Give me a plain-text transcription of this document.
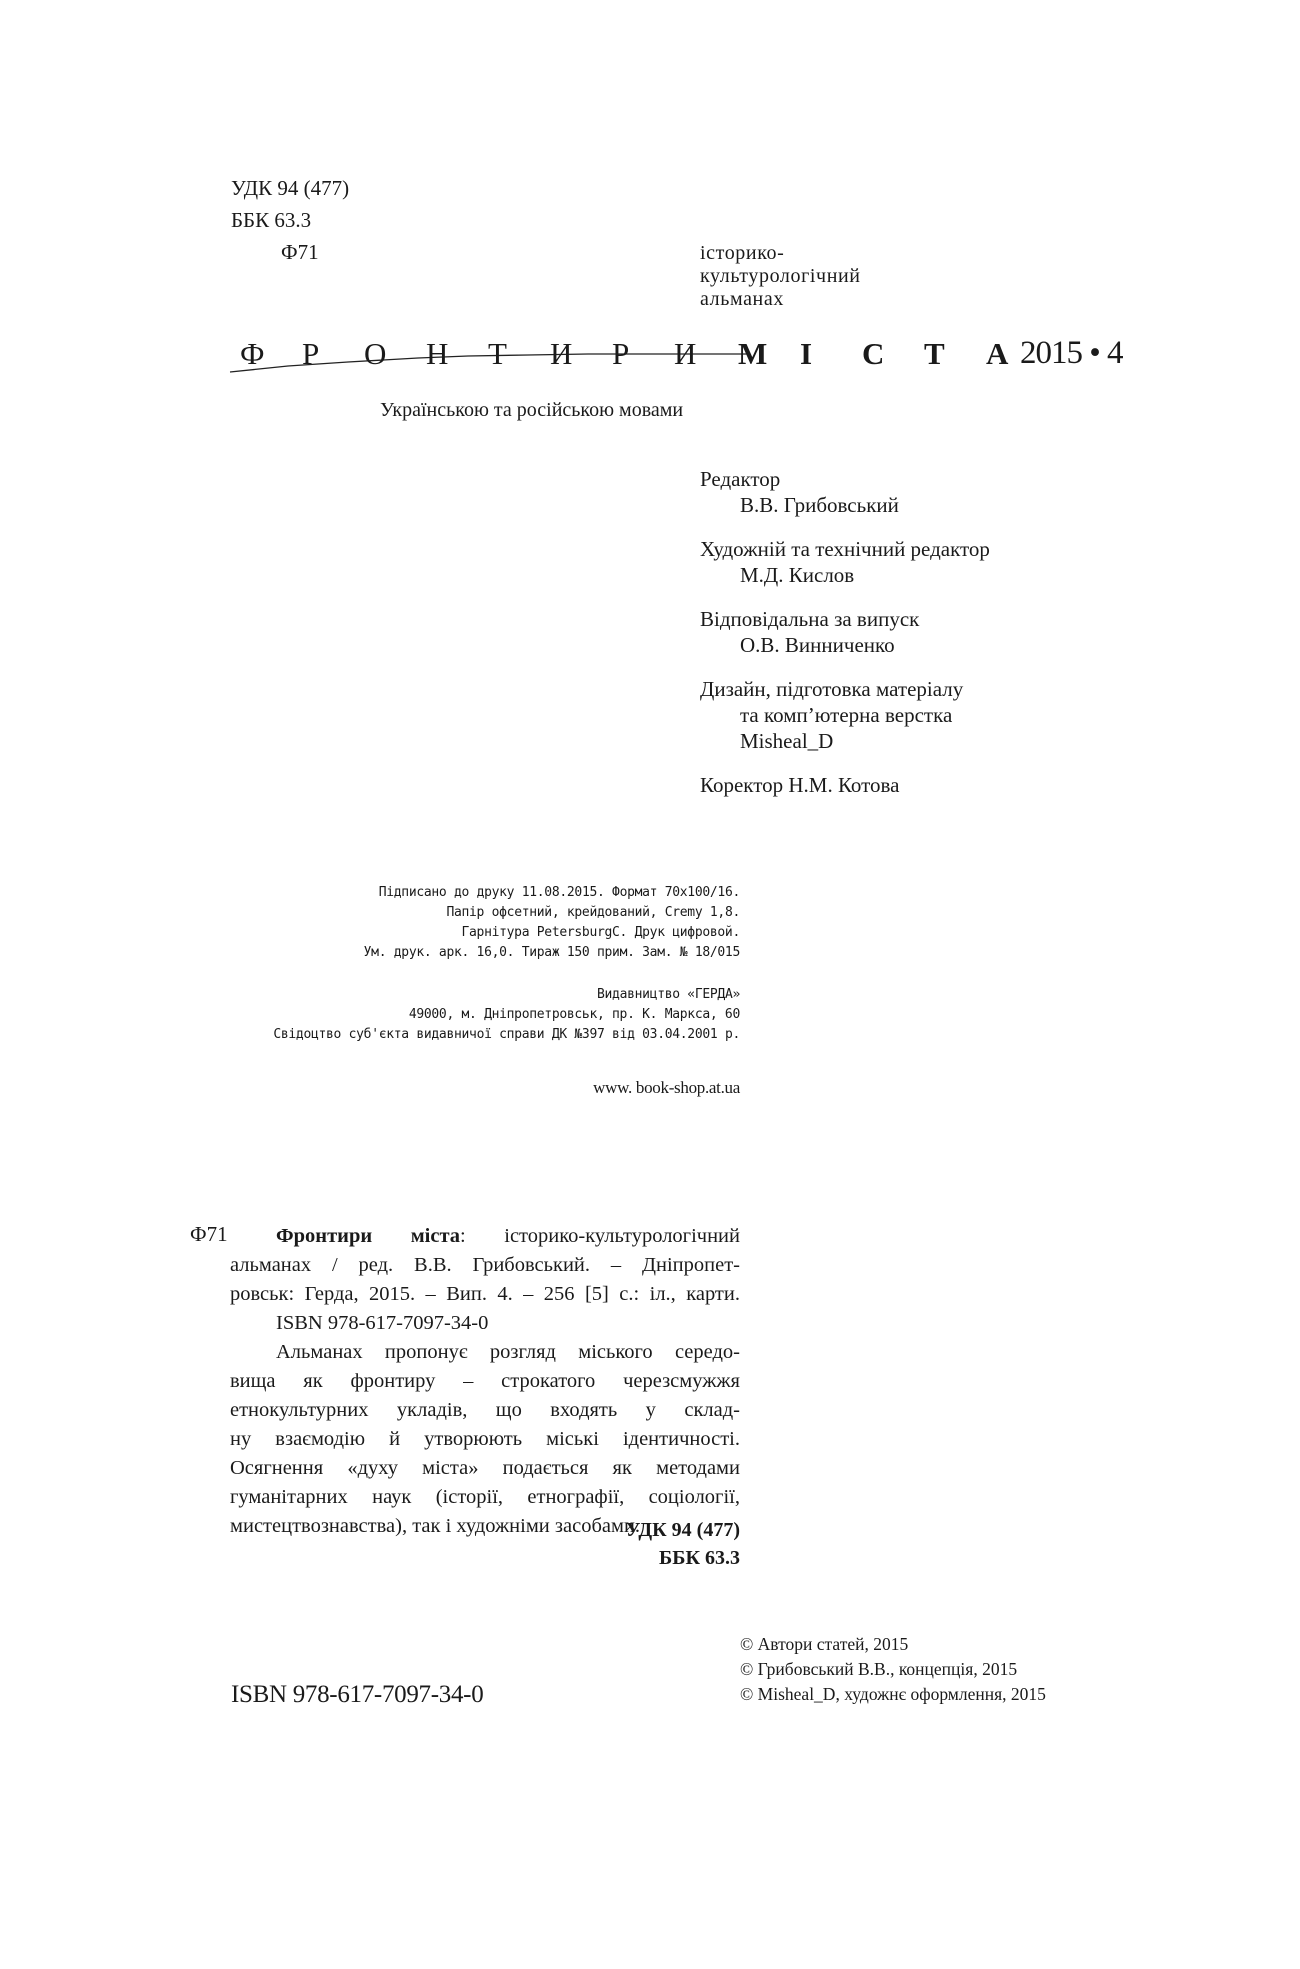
УДК 94 (477)
ББК 63.3
Ф71	історико-
культурологічний
альманах
Ф Р О Н Т И Р И	М І С Т А 2015 • 4
Українською та російською мовами
Редактор
В.В. Грибовський
Художній та технічний редактор
М.Д. Кислов
Відповідальна за випуск
О.В. Винниченко
Дизайн, підготовка матеріалу
та комп’ютерна верстка
Misheal_D
Коректор Н.М. Котова
Підписано до друку 11.08.2015. Формат 70х100/16.
Папір офсетний, крейдований, Cremy 1,8.
Гарнітура PetersburgC. Друк цифровой.
Ум. друк. арк. 16,0. Тираж 150 прим. Зам. № 18/015
Видавництво «ГЕРДА»
49000, м. Дніпропетровськ, пр. К. Маркса, 60
Свідоцтво суб'єкта видавничої справи ДК №397 від 03.04.2001 р.
www. book-shop.at.ua
Ф71 Фронтири міста: історико-культурологічний

альманах / ред. В.В. Грибовський. – Дніпропет-

ровськ: Герда, 2015. – Вип. 4. – 256 [5] с.: іл., карти.

ISBN 978-617-7097-34-0

Альманах пропонує розгляд міського середо-

вища як фронтиру – строкатого черезсмужжя

етнокультурних укладів, що входять у склад-

ну взаємодію й утворюють міські ідентичності.

Осягнення «духу міста» подається як методами

гуманітарних наук (історії, етнографії, соціології,

мистецтвознавства), так і художніми засобами.

УДК 94 (477)
ББК 63.3
ISBN 978-617-7097-34-0
© Автори статей, 2015
© Грибовський В.В., концепція, 2015
© Misheal_D, художнє оформлення, 2015
